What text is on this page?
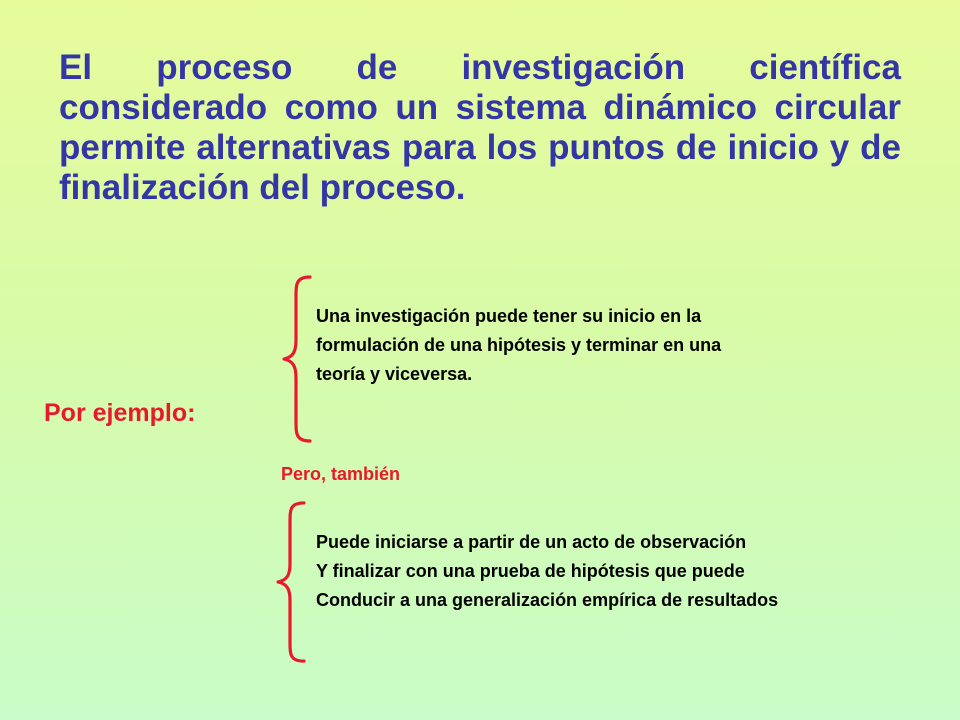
El proceso de investigación científica considerado como un sistema dinámico circular permite alternativas para los puntos de inicio y de finalización del proceso.
Por ejemplo:
Una investigación puede tener su inicio en la
formulación de una hipótesis y terminar en una
teoría y viceversa.
Pero, también
Puede iniciarse a partir de un acto de observación
Y finalizar con una prueba de hipótesis que puede
Conducir a una generalización empírica de resultados
